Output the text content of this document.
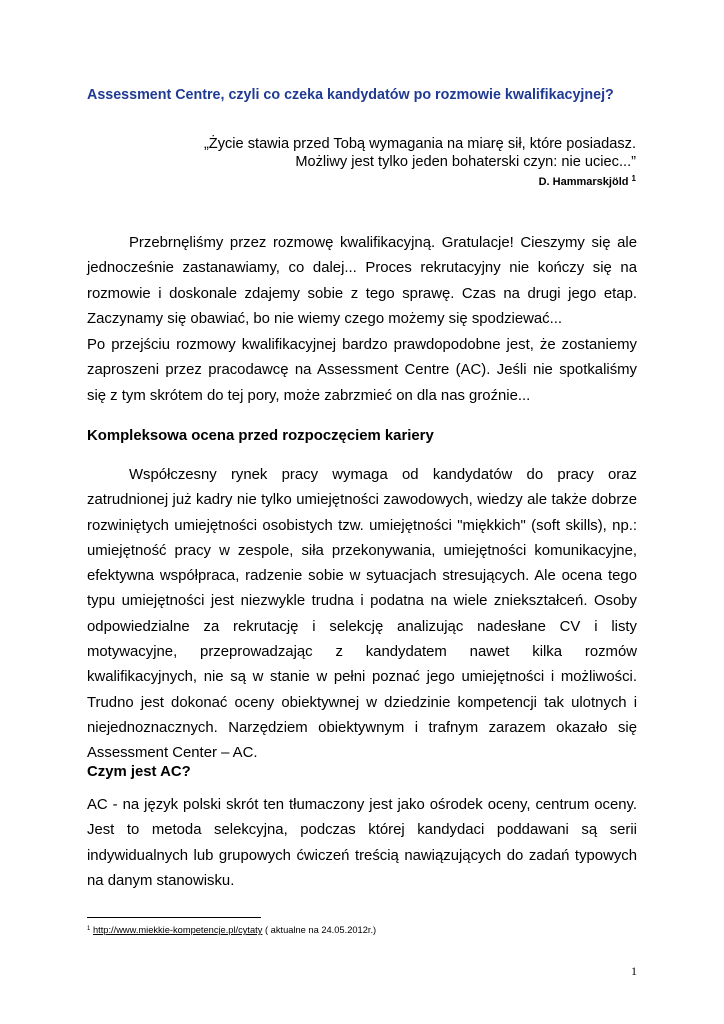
Assessment Centre, czyli co czeka kandydatów po rozmowie kwalifikacyjnej?
„Życie stawia przed Tobą wymagania na miarę sił, które posiadasz.
Możliwy jest tylko jeden bohaterski czyn: nie uciec...”
D. Hammarskjöld $^1$
Przebrnęliśmy przez rozmowę kwalifikacyjną. Gratulacje! Cieszymy się ale jednocześnie zastanawiamy, co dalej... Proces rekrutacyjny nie kończy się na rozmowie i doskonale zdajemy sobie z tego sprawę. Czas na drugi jego etap. Zaczynamy się obawiać, bo nie wiemy czego możemy się spodziewać...
Po przejściu rozmowy kwalifikacyjnej bardzo prawdopodobne jest, że zostaniemy zaproszeni przez pracodawcę na Assessment Centre (AC). Jeśli nie spotkaliśmy się z tym skrótem do tej pory, może zabrzmieć on dla nas groźnie...
Kompleksowa ocena przed rozpoczęciem kariery
Współczesny rynek pracy wymaga od kandydatów do pracy oraz zatrudnionej już kadry nie tylko umiejętności zawodowych, wiedzy ale także dobrze rozwiniętych umiejętności osobistych tzw. umiejętności "miękkich" (soft skills), np.: umiejętność pracy w zespole, siła przekonywania, umiejętności komunikacyjne, efektywna współpraca, radzenie sobie w sytuacjach stresujących. Ale ocena tego typu umiejętności jest niezwykle trudna i podatna na wiele zniekształceń. Osoby odpowiedzialne za rekrutację i selekcję analizując nadesłane CV i listy motywacyjne, przeprowadzając z kandydatem nawet kilka rozmów kwalifikacyjnych, nie są w stanie w pełni poznać jego umiejętności i możliwości. Trudno jest dokonać oceny obiektywnej w dziedzinie kompetencji tak ulotnych i niejednoznacznych. Narzędziem obiektywnym i trafnym zarazem okazało się Assessment Center – AC.
Czym jest AC?
AC - na język polski skrót ten tłumaczony jest jako ośrodek oceny, centrum oceny. Jest to metoda selekcyjna, podczas której kandydaci poddawani są serii indywidualnych lub grupowych ćwiczeń treścią nawiązujących do zadań typowych na danym stanowisku.
$^1$ http://www.miekkie-kompetencje.pl/cytaty ( aktualne na 24.05.2012r.)
1
